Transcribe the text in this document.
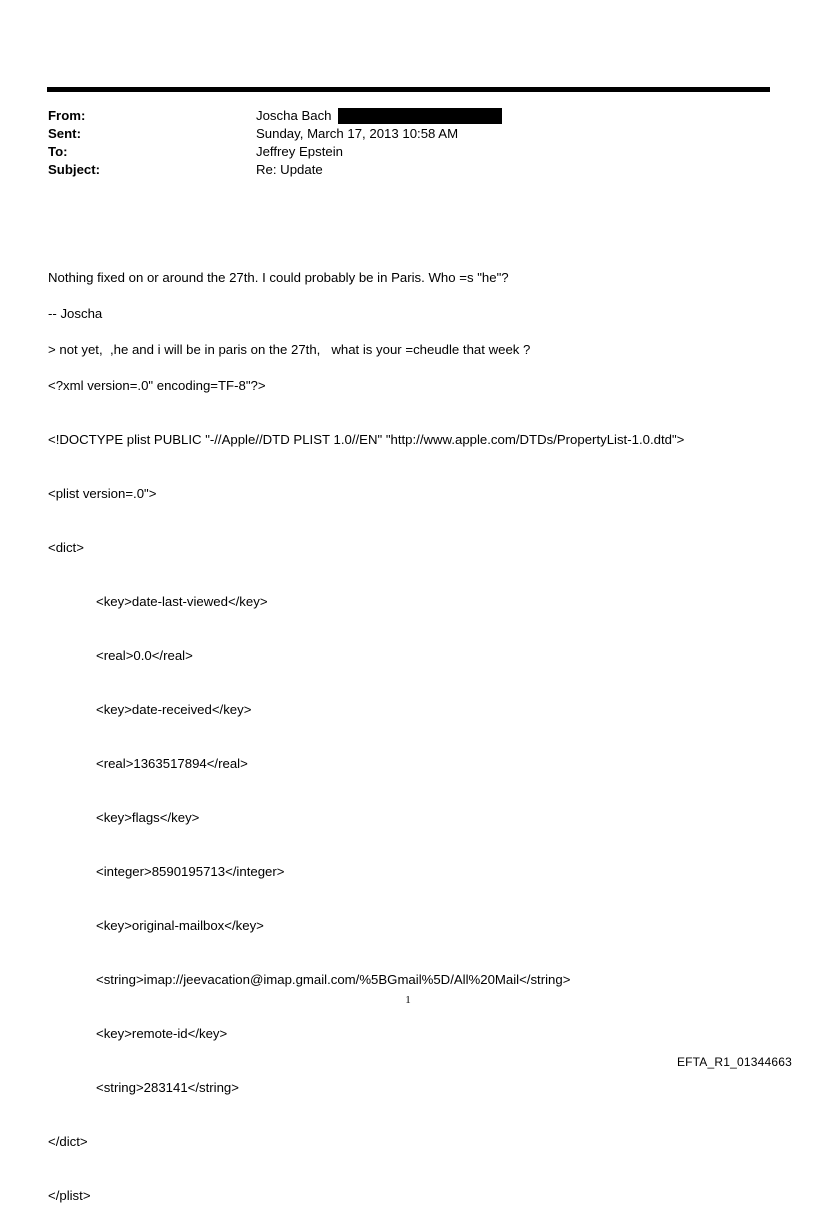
From:	Joscha Bach
Sent:	Sunday, March 17, 2013 10:58 AM
To:	Jeffrey Epstein
Subject:	Re: Update

Nothing fixed on or around the 27th. I could probably be in Paris. Who =s "he"?

-- Joscha

> not yet,  ,he and i will be in paris on the 27th,   what is your =cheudle that week ?

<?xml version=.0" encoding=TF-8"?>

<!DOCTYPE plist PUBLIC "-//Apple//DTD PLIST 1.0//EN" "http://www.apple.com/DTDs/PropertyList-1.0.dtd">

<plist version=.0">

<dict>

<key>date-last-viewed</key>

<real>0.0</real>

<key>date-received</key>

<real>1363517894</real>

<key>flags</key>

<integer>8590195713</integer>

<key>original-mailbox</key>

<string>imap://jeevacation@imap.gmail.com/%5BGmail%5D/All%20Mail</string>

<key>remote-id</key>

<string>283141</string>

</dict>

</plist>

1
EFTA_R1_01344663
